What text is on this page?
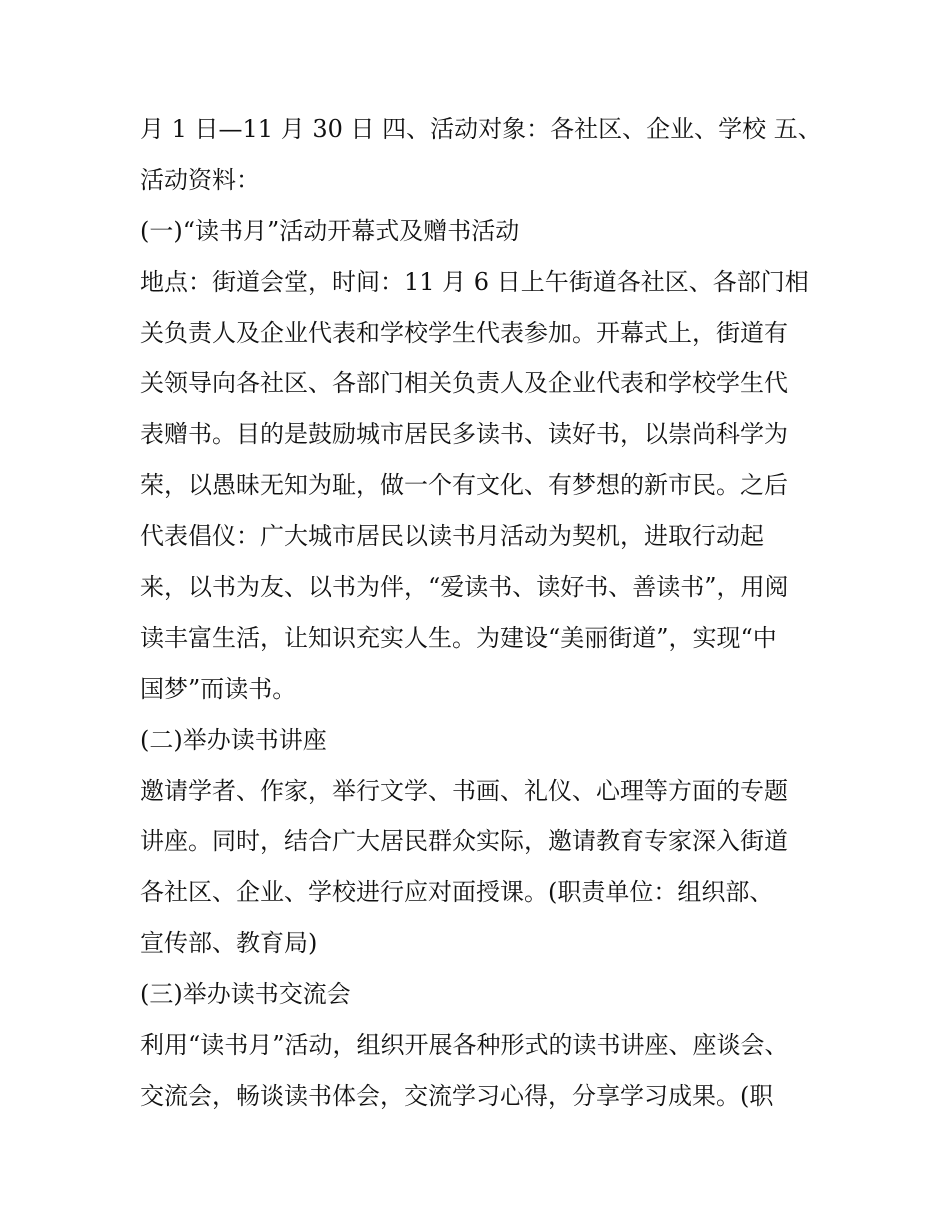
月 1 日—11 月 30 日 四、活动对象：各社区、企业、学校 五、
活动资料：
(一)“读书月”活动开幕式及赠书活动
地点：街道会堂，时间：11 月 6 日上午街道各社区、各部门相
关负责人及企业代表和学校学生代表参加。开幕式上，街道有
关领导向各社区、各部门相关负责人及企业代表和学校学生代
表赠书。目的是鼓励城市居民多读书、读好书，以崇尚科学为
荣，以愚昧无知为耻，做一个有文化、有梦想的新市民。之后
代表倡仪：广大城市居民以读书月活动为契机，进取行动起
来，以书为友、以书为伴，“爱读书、读好书、善读书”，用阅
读丰富生活，让知识充实人生。为建设“美丽街道”，实现“中
国梦”而读书。
(二)举办读书讲座
邀请学者、作家，举行文学、书画、礼仪、心理等方面的专题
讲座。同时，结合广大居民群众实际，邀请教育专家深入街道
各社区、企业、学校进行应对面授课。(职责单位：组织部、
宣传部、教育局)
(三)举办读书交流会
利用“读书月”活动，组织开展各种形式的读书讲座、座谈会、
交流会，畅谈读书体会，交流学习心得，分享学习成果。(职
